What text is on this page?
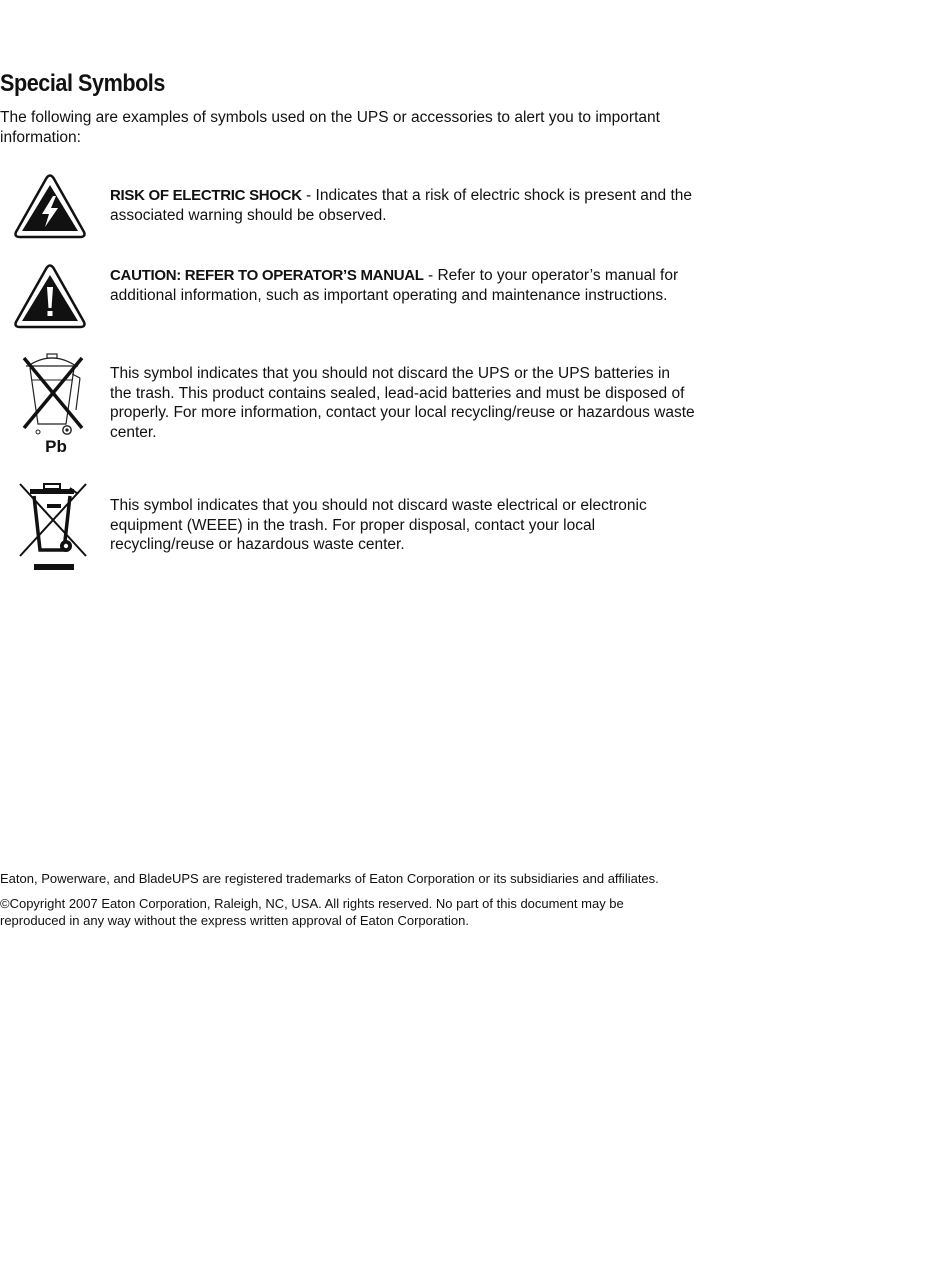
Special Symbols

The following are examples of symbols used on the UPS or accessories to alert you to important information:

RISK OF ELECTRIC SHOCK - Indicates that a risk of electric shock is present and the associated warning should be observed.

CAUTION: REFER TO OPERATOR’S MANUAL - Refer to your operator’s manual for additional information, such as important operating and maintenance instructions.

Pb

This symbol indicates that you should not discard the UPS or the UPS batteries in the trash. This product contains sealed, lead-acid batteries and must be disposed of properly. For more information, contact your local recycling/reuse or hazardous waste center.

This symbol indicates that you should not discard waste electrical or electronic equipment (WEEE) in the trash. For proper disposal, contact your local recycling/reuse or hazardous waste center.

Eaton, Powerware, and BladeUPS are registered trademarks of Eaton Corporation or its subsidiaries and affiliates.

©Copyright 2007 Eaton Corporation, Raleigh, NC, USA. All rights reserved. No part of this document may be reproduced in any way without the express written approval of Eaton Corporation.
